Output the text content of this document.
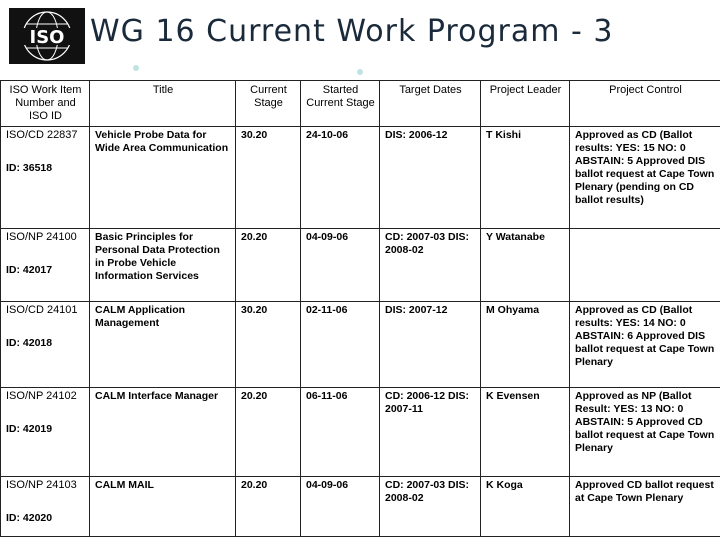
ISO WG 16 Current Work Program - 3
ISO Work Item Number and ISO ID	Title	Current Stage	Started Current Stage	Target Dates	Project Leader	Project Control

ISO/CD 22837
ID: 36518	Vehicle Probe Data for Wide Area Communication	30.20	24-10-06	DIS: 2006-12	T Kishi	Approved as CD (Ballot results: YES: 15 NO: 0 ABSTAIN: 5 Approved DIS ballot request at Cape Town Plenary (pending on CD ballot results)

ISO/NP 24100
ID: 42017	Basic Principles for Personal Data Protection in Probe Vehicle Information Services	20.20	04-09-06	CD: 2007-03 DIS: 2008-02	Y Watanabe	

ISO/CD 24101
ID: 42018	CALM Application Management	30.20	02-11-06	DIS: 2007-12	M Ohyama	Approved as CD (Ballot results: YES: 14 NO: 0 ABSTAIN: 6 Approved DIS ballot request at Cape Town Plenary

ISO/NP 24102
ID: 42019	CALM Interface Manager	20.20	06-11-06	CD: 2006-12 DIS: 2007-11	K Evensen	Approved as NP (Ballot Result: YES: 13 NO: 0 ABSTAIN: 5 Approved CD ballot request at Cape Town Plenary

ISO/NP 24103
ID: 42020	CALM MAIL	20.20	04-09-06	CD: 2007-03 DIS: 2008-02	K Koga	Approved CD ballot request at Cape Town Plenary
